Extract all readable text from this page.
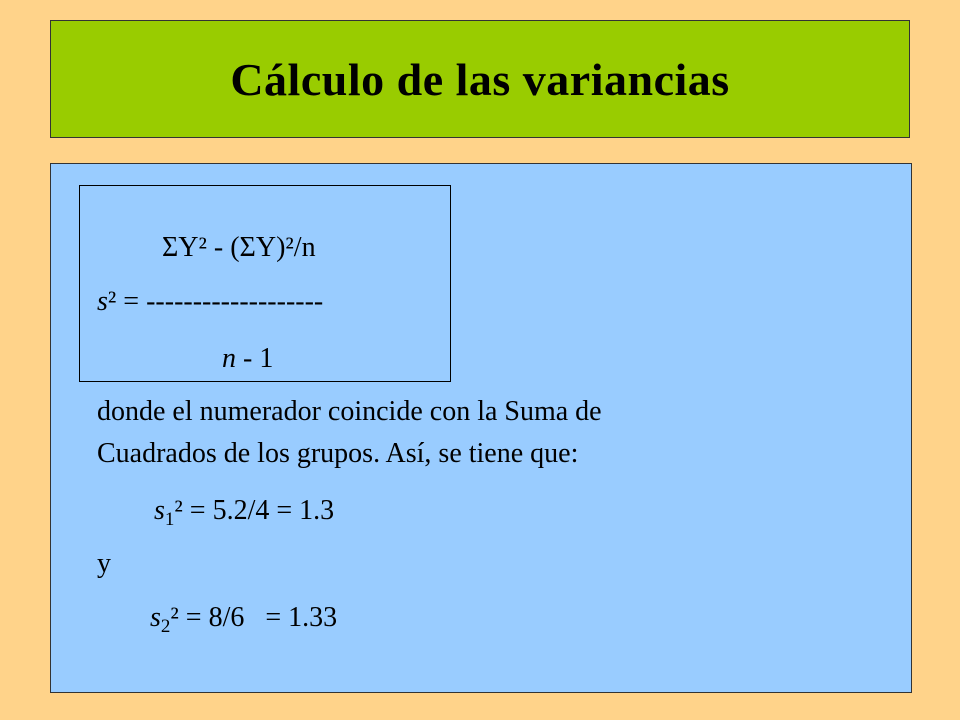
Cálculo de las variancias
ΣY² - (ΣY)²/n
s² = -------------------
n - 1
donde el numerador coincide con la Suma de
Cuadrados de los grupos. Así, se tiene que:
$s_1^2 = 5.2/4 = 1.3$
y
$s_2^2 = 8/6 = 1.33$
